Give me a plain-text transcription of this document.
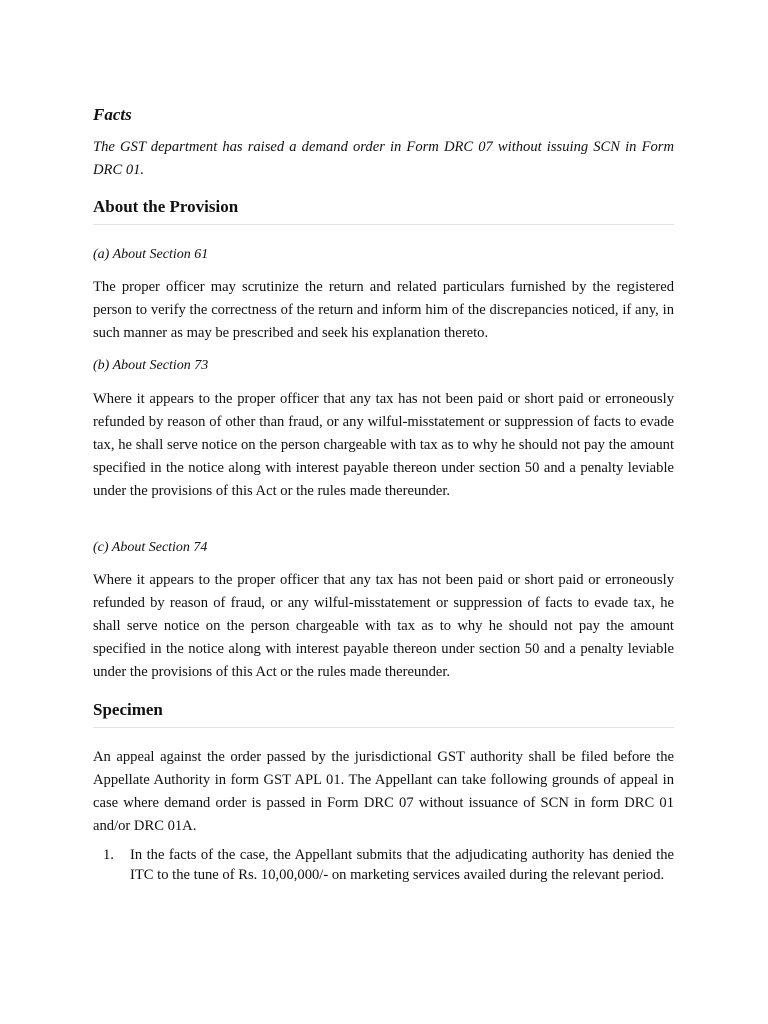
Facts

The GST department has raised a demand order in Form DRC 07 without issuing SCN in Form DRC 01.

About the Provision

(a) About Section 61

The proper officer may scrutinize the return and related particulars furnished by the registered person to verify the correctness of the return and inform him of the discrepancies noticed, if any, in such manner as may be prescribed and seek his explanation thereto.

(b) About Section 73

Where it appears to the proper officer that any tax has not been paid or short paid or erroneously refunded by reason of other than fraud, or any wilful-misstatement or suppression of facts to evade tax, he shall serve notice on the person chargeable with tax as to why he should not pay the amount specified in the notice along with interest payable thereon under section 50 and a penalty leviable under the provisions of this Act or the rules made thereunder.

(c) About Section 74

Where it appears to the proper officer that any tax has not been paid or short paid or erroneously refunded by reason of fraud, or any wilful-misstatement or suppression of facts to evade tax, he shall serve notice on the person chargeable with tax as to why he should not pay the amount specified in the notice along with interest payable thereon under section 50 and a penalty leviable under the provisions of this Act or the rules made thereunder.

Specimen

An appeal against the order passed by the jurisdictional GST authority shall be filed before the Appellate Authority in form GST APL 01. The Appellant can take following grounds of appeal in case where demand order is passed in Form DRC 07 without issuance of SCN in form DRC 01 and/or DRC 01A.

1. In the facts of the case, the Appellant submits that the adjudicating authority has denied the ITC to the tune of Rs. 10,00,000/- on marketing services availed during the relevant period.
